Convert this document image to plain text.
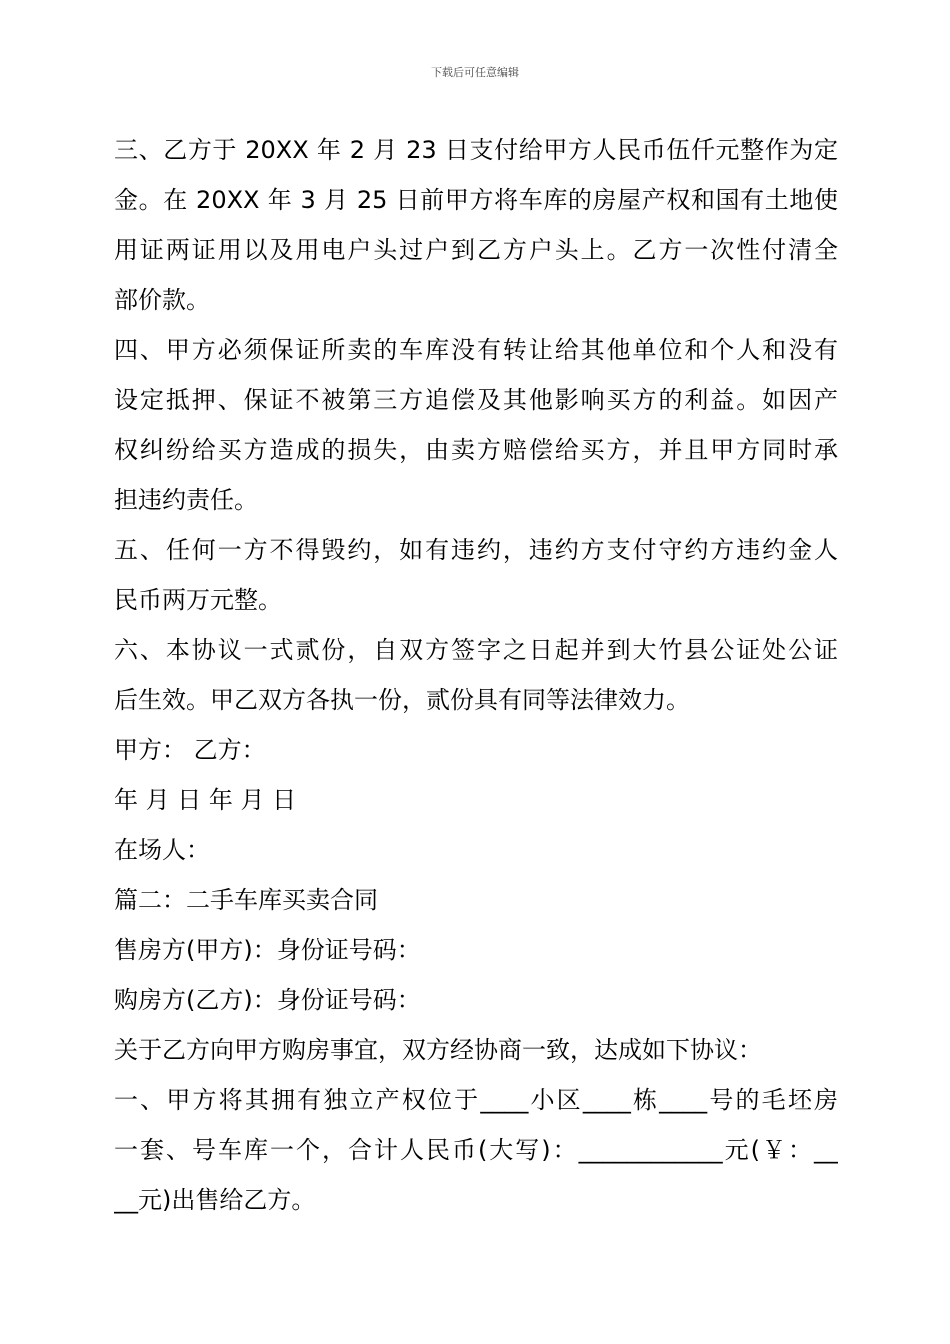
下载后可任意编辑
三、乙方于 20XX 年 2 月 23 日支付给甲方人民币伍仟元整作为定
金。在 20XX 年 3 月 25 日前甲方将车库的房屋产权和国有土地使
用证两证用以及用电户头过户到乙方户头上。乙方一次性付清全
部价款。
四、甲方必须保证所卖的车库没有转让给其他单位和个人和没有
设定抵押、保证不被第三方追偿及其他影响买方的利益。如因产
权纠纷给买方造成的损失，由卖方赔偿给买方，并且甲方同时承
担违约责任。
五、任何一方不得毁约，如有违约，违约方支付守约方违约金人
民币两万元整。
六、本协议一式贰份，自双方签字之日起并到大竹县公证处公证
后生效。甲乙双方各执一份，贰份具有同等法律效力。
甲方： 乙方：
年 月 日 年 月 日
在场人：
篇二：二手车库买卖合同
售房方(甲方)：身份证号码：
购房方(乙方)：身份证号码：
关于乙方向甲方购房事宜，双方经协商一致，达成如下协议：
一、甲方将其拥有独立产权位于____小区____栋____号的毛坯房
一套、号车库一个，合计人民币(大写)：____________元(￥：__
__元)出售给乙方。
